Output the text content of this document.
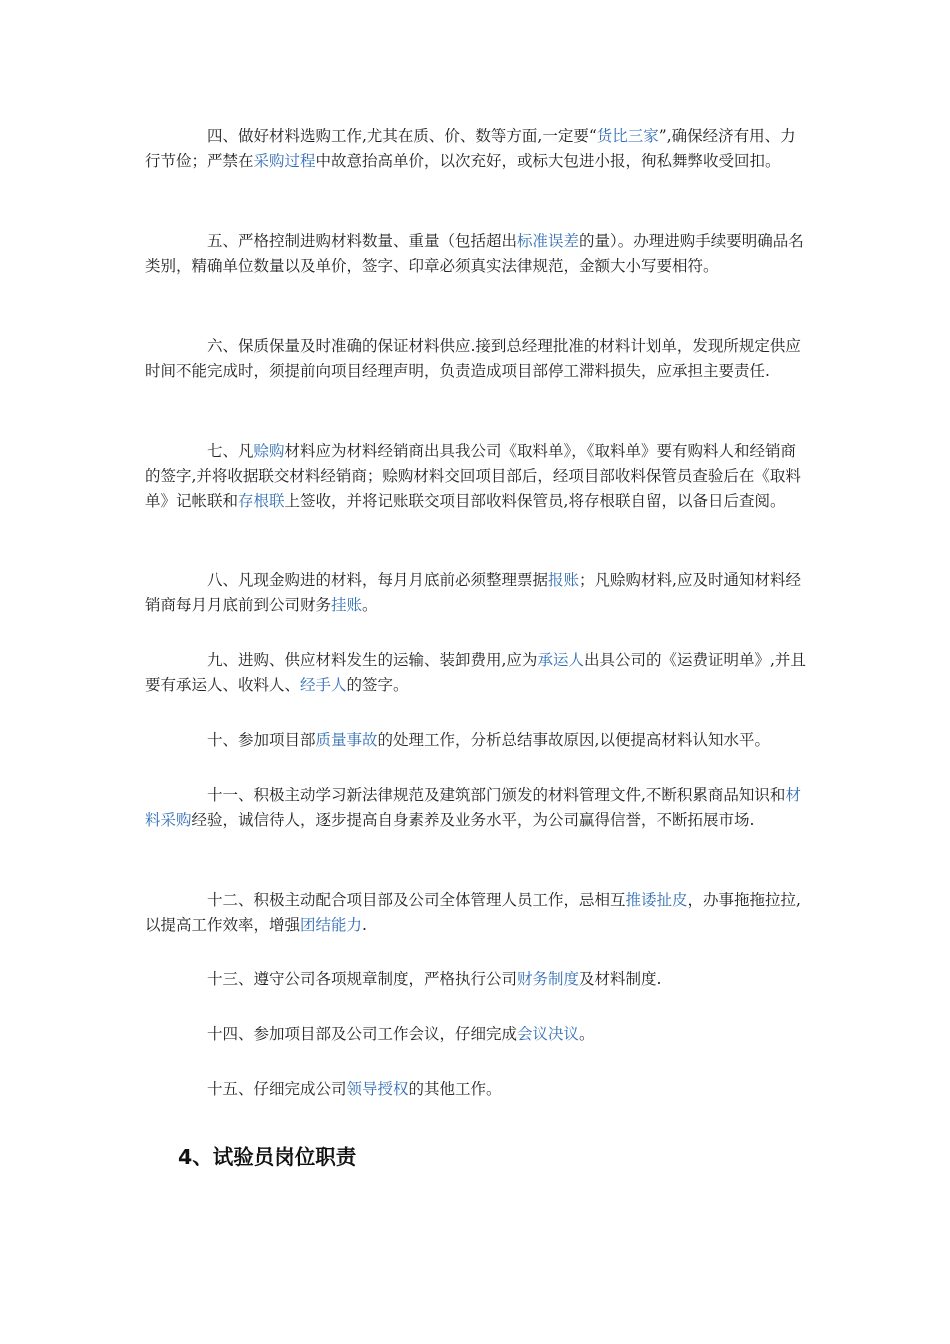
四、做好材料选购工作,尤其在质、价、数等方面,一定要“货比三家”,确保经济有用、力行节俭；严禁在采购过程中故意抬高单价，以次充好，或标大包进小报，徇私舞弊收受回扣。

五、严格控制进购材料数量、重量（包括超出标准误差的量）。办理进购手续要明确品名类别，精确单位数量以及单价，签字、印章必须真实法律规范，金额大小写要相符。

六、保质保量及时准确的保证材料供应.接到总经理批准的材料计划单，发现所规定供应时间不能完成时，须提前向项目经理声明，负责造成项目部停工滞料损失，应承担主要责任.

七、凡赊购材料应为材料经销商出具我公司《取料单》，《取料单》要有购料人和经销商的签字,并将收据联交材料经销商；赊购材料交回项目部后，经项目部收料保管员查验后在《取料单》记帐联和存根联上签收，并将记账联交项目部收料保管员,将存根联自留，以备日后查阅。

八、凡现金购进的材料，每月月底前必须整理票据报账；凡赊购材料,应及时通知材料经销商每月月底前到公司财务挂账。

九、进购、供应材料发生的运输、装卸费用,应为承运人出具公司的《运费证明单》,并且要有承运人、收料人、经手人的签字。

十、参加项目部质量事故的处理工作，分析总结事故原因,以便提高材料认知水平。

十一、积极主动学习新法律规范及建筑部门颁发的材料管理文件,不断积累商品知识和材料采购经验，诚信待人，逐步提高自身素养及业务水平，为公司赢得信誉，不断拓展市场.

十二、积极主动配合项目部及公司全体管理人员工作，忌相互推诿扯皮，办事拖拖拉拉,以提高工作效率，增强团结能力.

十三、遵守公司各项规章制度，严格执行公司财务制度及材料制度.

十四、参加项目部及公司工作会议，仔细完成会议决议。

十五、仔细完成公司领导授权的其他工作。

4、试验员岗位职责
